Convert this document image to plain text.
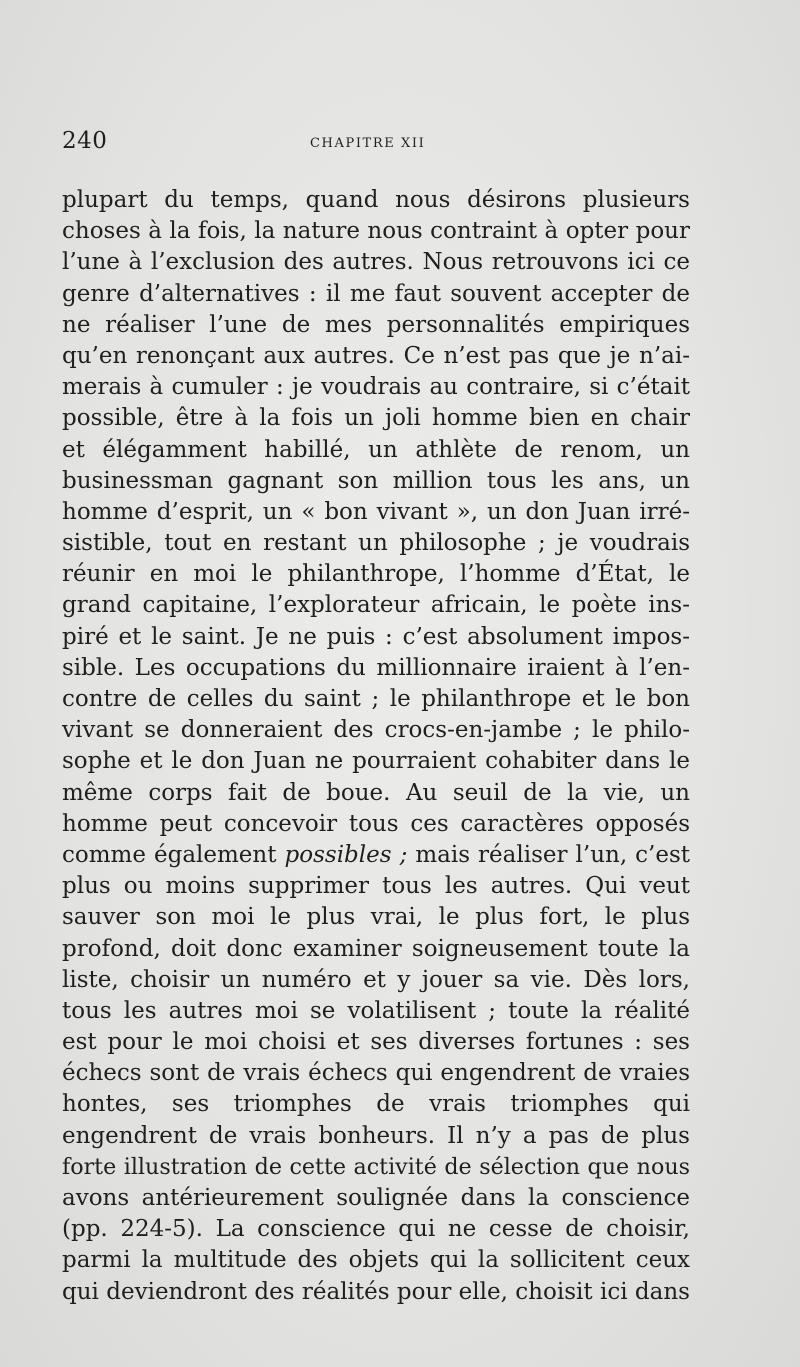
240	CHAPITRE XII
plupart du temps, quand nous désirons plusieurs
choses à la fois, la nature nous contraint à opter pour
l’une à l’exclusion des autres. Nous retrouvons ici ce
genre d’alternatives : il me faut souvent accepter de
ne réaliser l’une de mes personnalités empiriques
qu’en renonçant aux autres. Ce n’est pas que je n’ai-
merais à cumuler : je voudrais au contraire, si c’était
possible, être à la fois un joli homme bien en chair
et élégamment habillé, un athlète de renom, un
businessman gagnant son million tous les ans, un
homme d’esprit, un « bon vivant », un don Juan irré-
sistible, tout en restant un philosophe ; je voudrais
réunir en moi le philanthrope, l’homme d’État, le
grand capitaine, l’explorateur africain, le poète ins-
piré et le saint. Je ne puis : c’est absolument impos-
sible. Les occupations du millionnaire iraient à l’en-
contre de celles du saint ; le philanthrope et le bon
vivant se donneraient des crocs-en-jambe ; le philo-
sophe et le don Juan ne pourraient cohabiter dans le
même corps fait de boue. Au seuil de la vie, un
homme peut concevoir tous ces caractères opposés
comme également possibles ; mais réaliser l’un, c’est
plus ou moins supprimer tous les autres. Qui veut
sauver son moi le plus vrai, le plus fort, le plus
profond, doit donc examiner soigneusement toute la
liste, choisir un numéro et y jouer sa vie. Dès lors,
tous les autres moi se volatilisent ; toute la réalité
est pour le moi choisi et ses diverses fortunes : ses
échecs sont de vrais échecs qui engendrent de vraies
hontes, ses triomphes de vrais triomphes qui
engendrent de vrais bonheurs. Il n’y a pas de plus
forte illustration de cette activité de sélection que nous
avons antérieurement soulignée dans la conscience
(pp. 224-5). La conscience qui ne cesse de choisir,
parmi la multitude des objets qui la sollicitent ceux
qui deviendront des réalités pour elle, choisit ici dans
